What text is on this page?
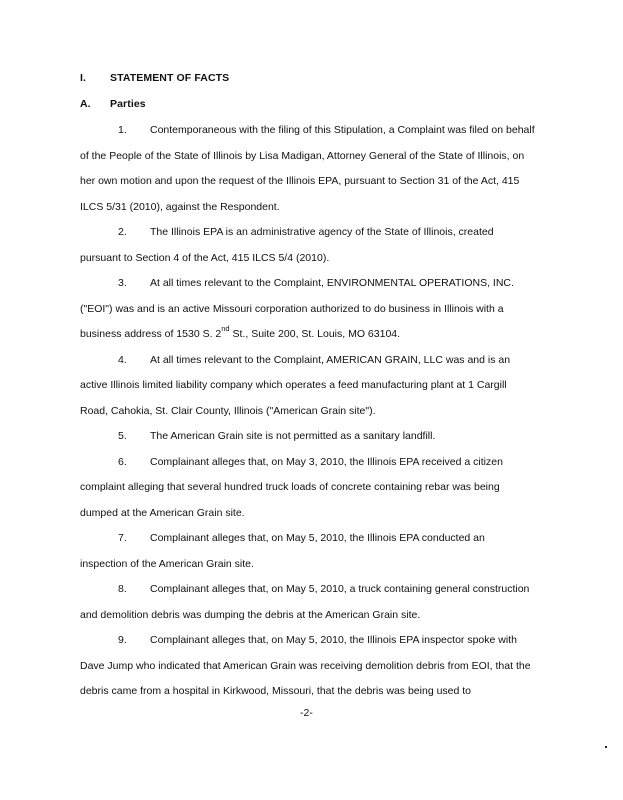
I. STATEMENT OF FACTS
A. Parties

1. Contemporaneous with the filing of this Stipulation, a Complaint was filed on behalf of the People of the State of Illinois by Lisa Madigan, Attorney General of the State of Illinois, on her own motion and upon the request of the Illinois EPA, pursuant to Section 31 of the Act, 415 ILCS 5/31 (2010), against the Respondent.

2. The Illinois EPA is an administrative agency of the State of Illinois, created pursuant to Section 4 of the Act, 415 ILCS 5/4 (2010).

3. At all times relevant to the Complaint, ENVIRONMENTAL OPERATIONS, INC. ("EOI") was and is an active Missouri corporation authorized to do business in Illinois with a business address of 1530 S. 2nd St., Suite 200, St. Louis, MO 63104.

4. At all times relevant to the Complaint, AMERICAN GRAIN, LLC was and is an active Illinois limited liability company which operates a feed manufacturing plant at 1 Cargill Road, Cahokia, St. Clair County, Illinois ("American Grain site").

5. The American Grain site is not permitted as a sanitary landfill.

6. Complainant alleges that, on May 3, 2010, the Illinois EPA received a citizen complaint alleging that several hundred truck loads of concrete containing rebar was being dumped at the American Grain site.

7. Complainant alleges that, on May 5, 2010, the Illinois EPA conducted an inspection of the American Grain site.

8. Complainant alleges that, on May 5, 2010, a truck containing general construction and demolition debris was dumping the debris at the American Grain site.

9. Complainant alleges that, on May 5, 2010, the Illinois EPA inspector spoke with Dave Jump who indicated that American Grain was receiving demolition debris from EOI, that the debris came from a hospital in Kirkwood, Missouri, that the debris was being used to

-2-
